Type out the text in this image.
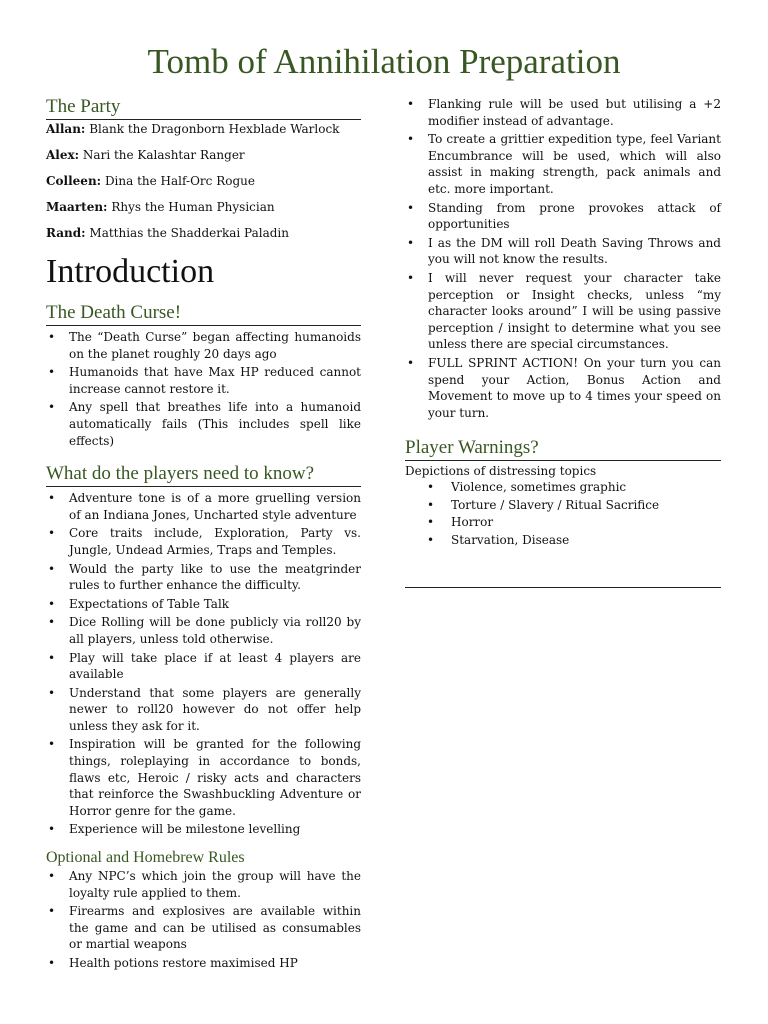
Tomb of Annihilation Preparation
The Party
Allan: Blank the Dragonborn Hexblade Warlock
Alex: Nari the Kalashtar Ranger
Colleen: Dina the Half-Orc Rogue
Maarten: Rhys the Human Physician
Rand: Matthias the Shadderkai Paladin
Introduction
The Death Curse!
• The “Death Curse” began affecting humanoids on the planet roughly 20 days ago
• Humanoids that have Max HP reduced cannot increase cannot restore it.
• Any spell that breathes life into a humanoid automatically fails (This includes spell like effects)
What do the players need to know?
• Adventure tone is of a more gruelling version of an Indiana Jones, Uncharted style adventure
• Core traits include, Exploration, Party vs. Jungle, Undead Armies, Traps and Temples.
• Would the party like to use the meatgrinder rules to further enhance the difficulty.
• Expectations of Table Talk
• Dice Rolling will be done publicly via roll20 by all players, unless told otherwise.
• Play will take place if at least 4 players are available
• Understand that some players are generally newer to roll20 however do not offer help unless they ask for it.
• Inspiration will be granted for the following things, roleplaying in accordance to bonds, flaws etc, Heroic / risky acts and characters that reinforce the Swashbuckling Adventure or Horror genre for the game.
• Experience will be milestone levelling
Optional and Homebrew Rules
• Any NPC’s which join the group will have the loyalty rule applied to them.
• Firearms and explosives are available within the game and can be utilised as consumables or martial weapons
• Health potions restore maximised HP
• Flanking rule will be used but utilising a +2 modifier instead of advantage.
• To create a grittier expedition type, feel Variant Encumbrance will be used, which will also assist in making strength, pack animals and etc. more important.
• Standing from prone provokes attack of opportunities
• I as the DM will roll Death Saving Throws and you will not know the results.
• I will never request your character take perception or Insight checks, unless “my character looks around” I will be using passive perception / insight to determine what you see unless there are special circumstances.
• FULL SPRINT ACTION! On your turn you can spend your Action, Bonus Action and Movement to move up to 4 times your speed on your turn.
Player Warnings?
Depictions of distressing topics
• Violence, sometimes graphic
• Torture / Slavery / Ritual Sacrifice
• Horror
• Starvation, Disease
